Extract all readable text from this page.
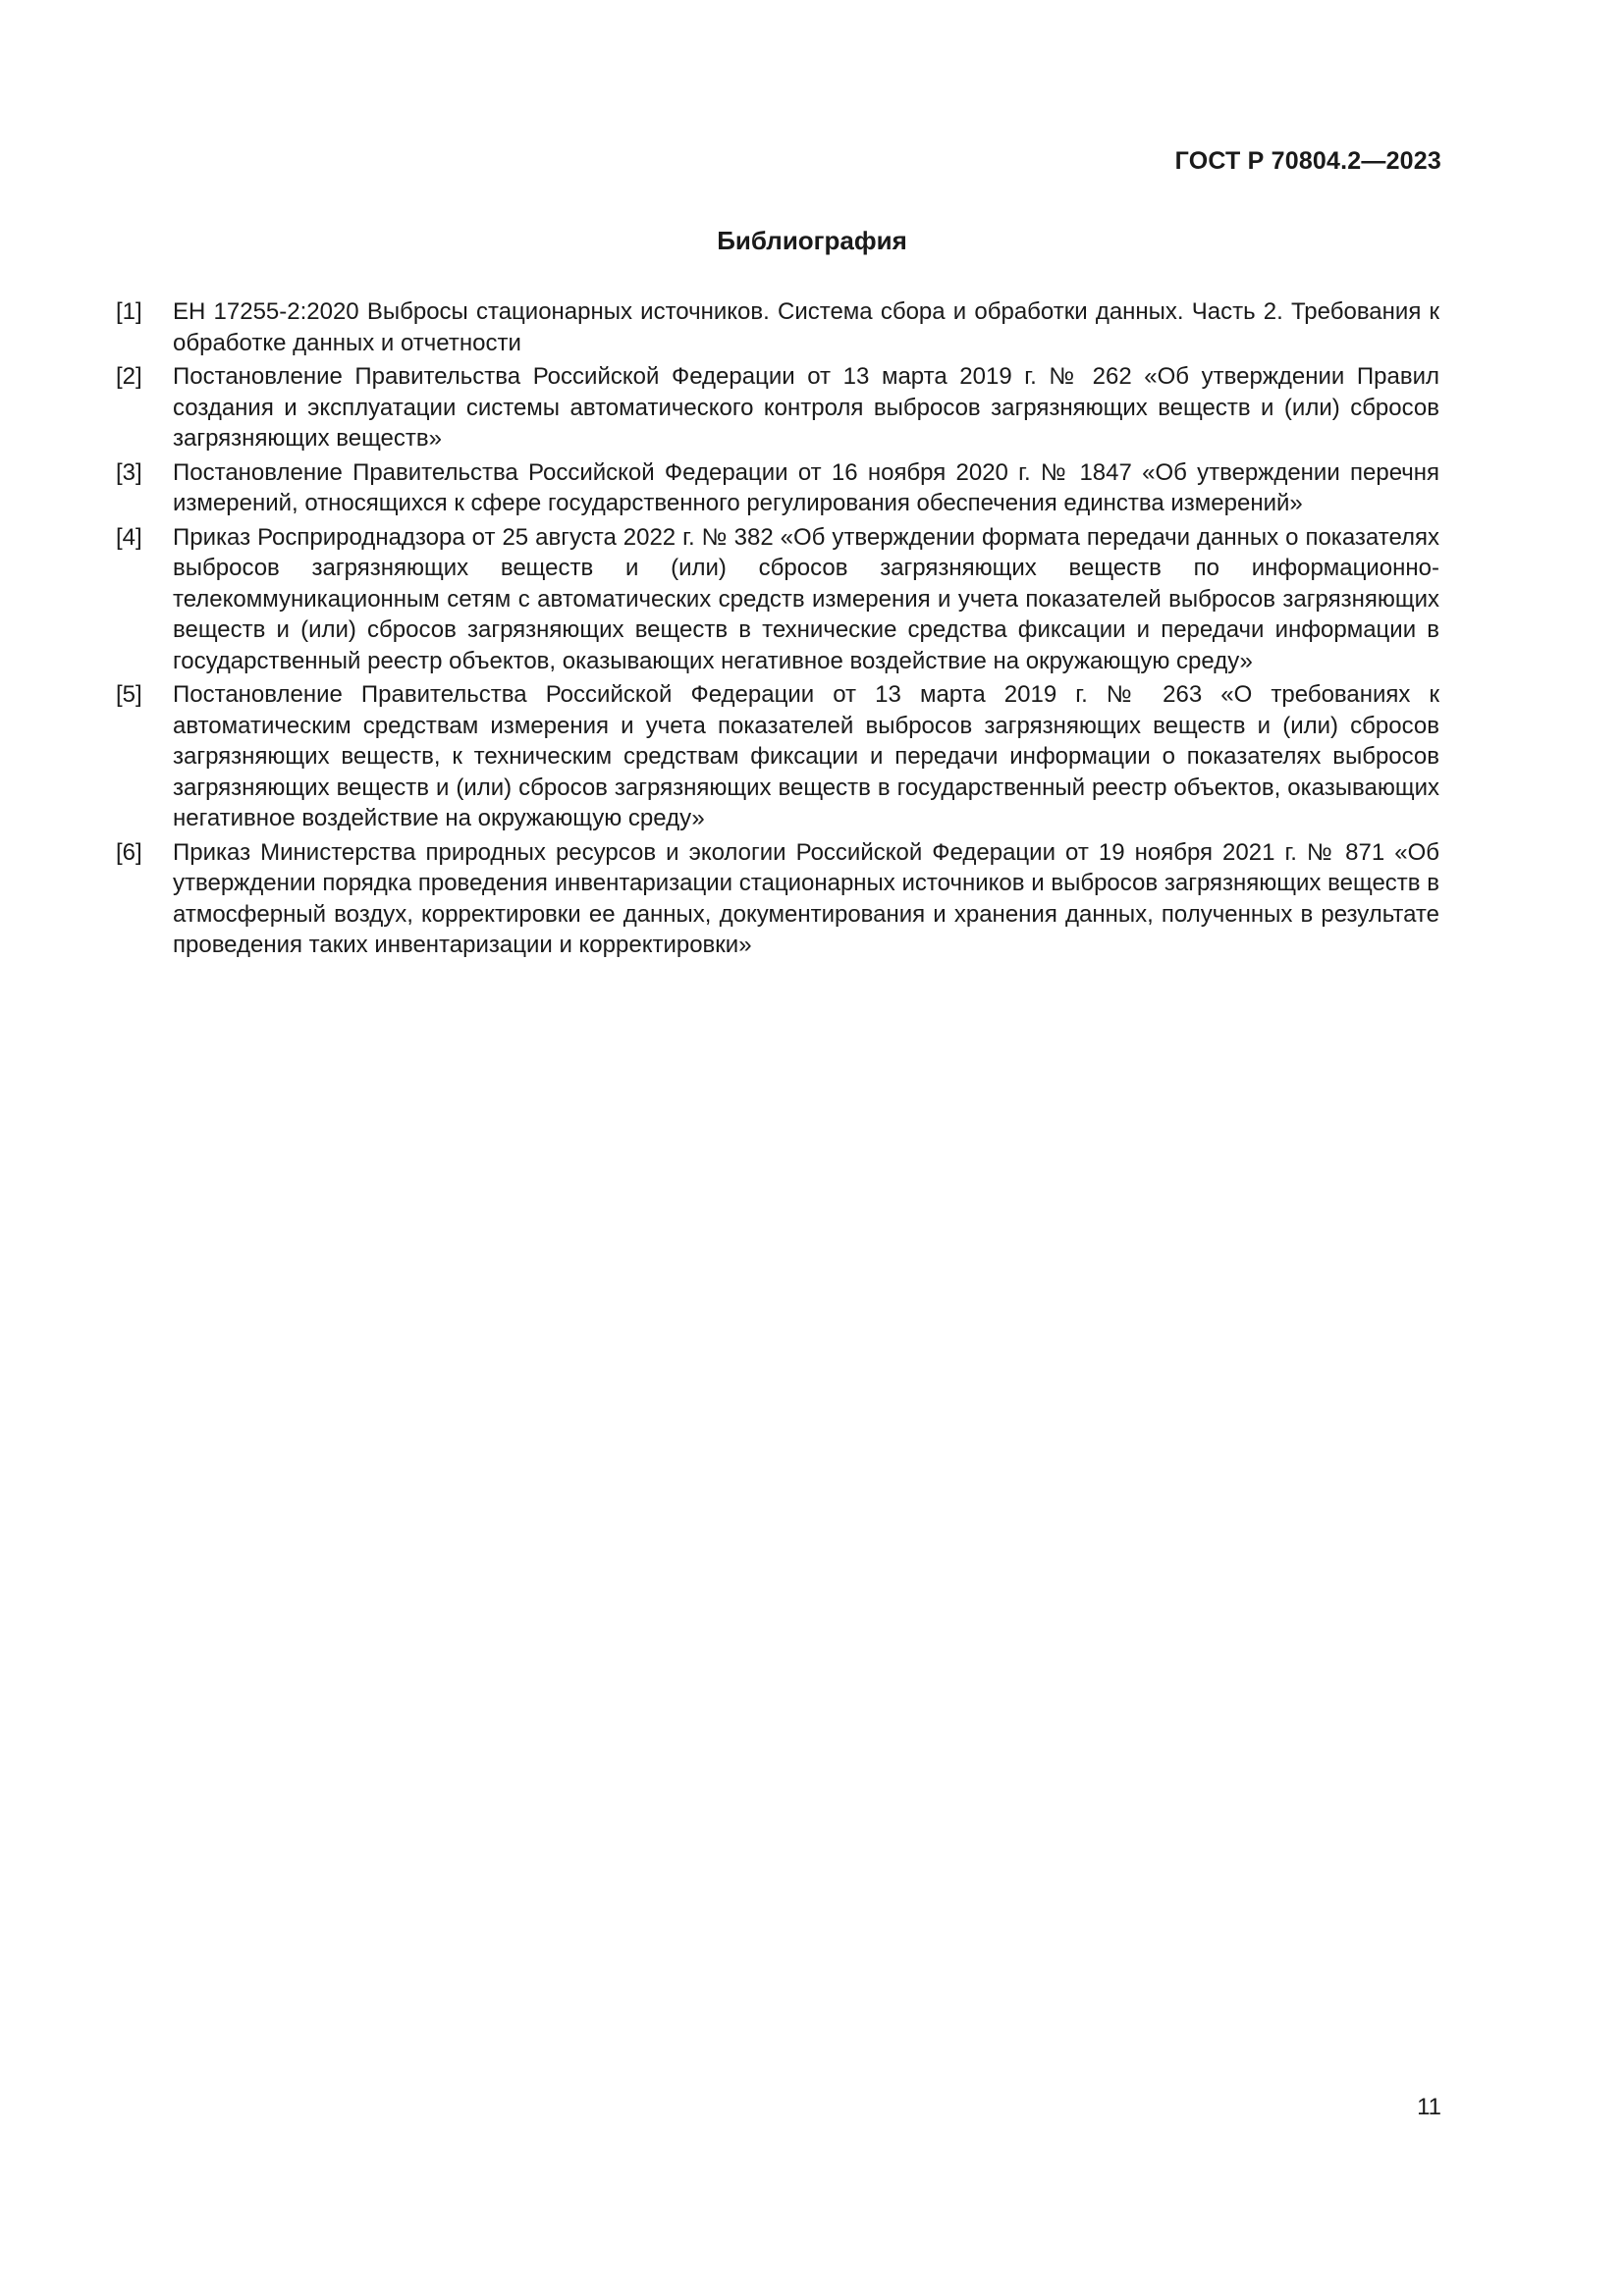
ГОСТ Р 70804.2—2023
Библиография
[1]	ЕН 17255-2:2020 Выбросы стационарных источников. Система сбора и обработки данных. Часть 2. Требования к обработке данных и отчетности
[2]	Постановление Правительства Российской Федерации от 13 марта 2019 г. № 262 «Об утверждении Правил создания и эксплуатации системы автоматического контроля выбросов загрязняющих веществ и (или) сбросов загрязняющих веществ»
[3]	Постановление Правительства Российской Федерации от 16 ноября 2020 г. № 1847 «Об утверждении перечня измерений, относящихся к сфере государственного регулирования обеспечения единства измерений»
[4]	Приказ Росприроднадзора от 25 августа 2022 г. № 382 «Об утверждении формата передачи данных о показателях выбросов загрязняющих веществ и (или) сбросов загрязняющих веществ по информационно-телекоммуникационным сетям с автоматических средств измерения и учета показателей выбросов загрязняющих веществ и (или) сбросов загрязняющих веществ в технические средства фиксации и передачи информации в государственный реестр объектов, оказывающих негативное воздействие на окружающую среду»
[5]	Постановление Правительства Российской Федерации от 13 марта 2019 г. № 263 «О требованиях к автоматическим средствам измерения и учета показателей выбросов загрязняющих веществ и (или) сбросов загрязняющих веществ, к техническим средствам фиксации и передачи информации о показателях выбросов загрязняющих веществ и (или) сбросов загрязняющих веществ в государственный реестр объектов, оказывающих негативное воздействие на окружающую среду»
[6]	Приказ Министерства природных ресурсов и экологии Российской Федерации от 19 ноября 2021 г. № 871 «Об утверждении порядка проведения инвентаризации стационарных источников и выбросов загрязняющих веществ в атмосферный воздух, корректировки ее данных, документирования и хранения данных, полученных в результате проведения таких инвентаризации и корректировки»
11
